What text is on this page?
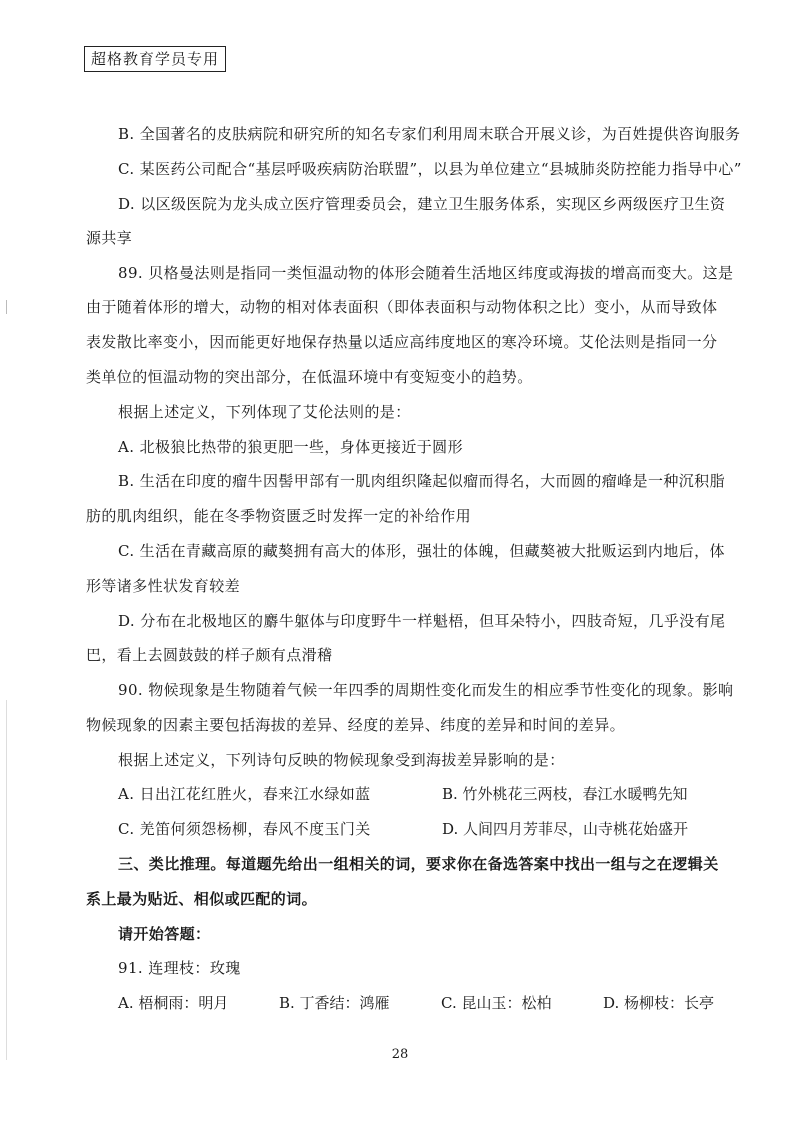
超格教育学员专用
B. 全国著名的皮肤病院和研究所的知名专家们利用周末联合开展义诊，为百姓提供咨询服务
C. 某医药公司配合“基层呼吸疾病防治联盟”，以县为单位建立“县城肺炎防控能力指导中心”
D. 以区级医院为龙头成立医疗管理委员会，建立卫生服务体系，实现区乡两级医疗卫生资
源共享
89. 贝格曼法则是指同一类恒温动物的体形会随着生活地区纬度或海拔的增高而变大。这是
由于随着体形的增大，动物的相对体表面积（即体表面积与动物体积之比）变小，从而导致体
表发散比率变小，因而能更好地保存热量以适应高纬度地区的寒冷环境。艾伦法则是指同一分
类单位的恒温动物的突出部分，在低温环境中有变短变小的趋势。
根据上述定义，下列体现了艾伦法则的是：
A. 北极狼比热带的狼更肥一些，身体更接近于圆形
B. 生活在印度的瘤牛因髻甲部有一肌肉组织隆起似瘤而得名，大而圆的瘤峰是一种沉积脂
肪的肌肉组织，能在冬季物资匮乏时发挥一定的补给作用
C. 生活在青藏高原的藏獒拥有高大的体形，强壮的体魄，但藏獒被大批贩运到内地后，体
形等诸多性状发育较差
D. 分布在北极地区的麝牛躯体与印度野牛一样魁梧，但耳朵特小，四肢奇短，几乎没有尾
巴，看上去圆鼓鼓的样子颇有点滑稽
90. 物候现象是生物随着气候一年四季的周期性变化而发生的相应季节性变化的现象。影响
物候现象的因素主要包括海拔的差异、经度的差异、纬度的差异和时间的差异。
根据上述定义，下列诗句反映的物候现象受到海拔差异影响的是：
A. 日出江花红胜火，春来江水绿如蓝	B. 竹外桃花三两枝，春江水暖鸭先知
C. 羌笛何须怨杨柳，春风不度玉门关	D. 人间四月芳菲尽，山寺桃花始盛开
三、类比推理。每道题先给出一组相关的词，要求你在备选答案中找出一组与之在逻辑关
系上最为贴近、相似或匹配的词。
请开始答题：
91. 连理枝：玫瑰
A. 梧桐雨：明月	B. 丁香结：鸿雁	C. 昆山玉：松柏	D. 杨柳枝：长亭
28
